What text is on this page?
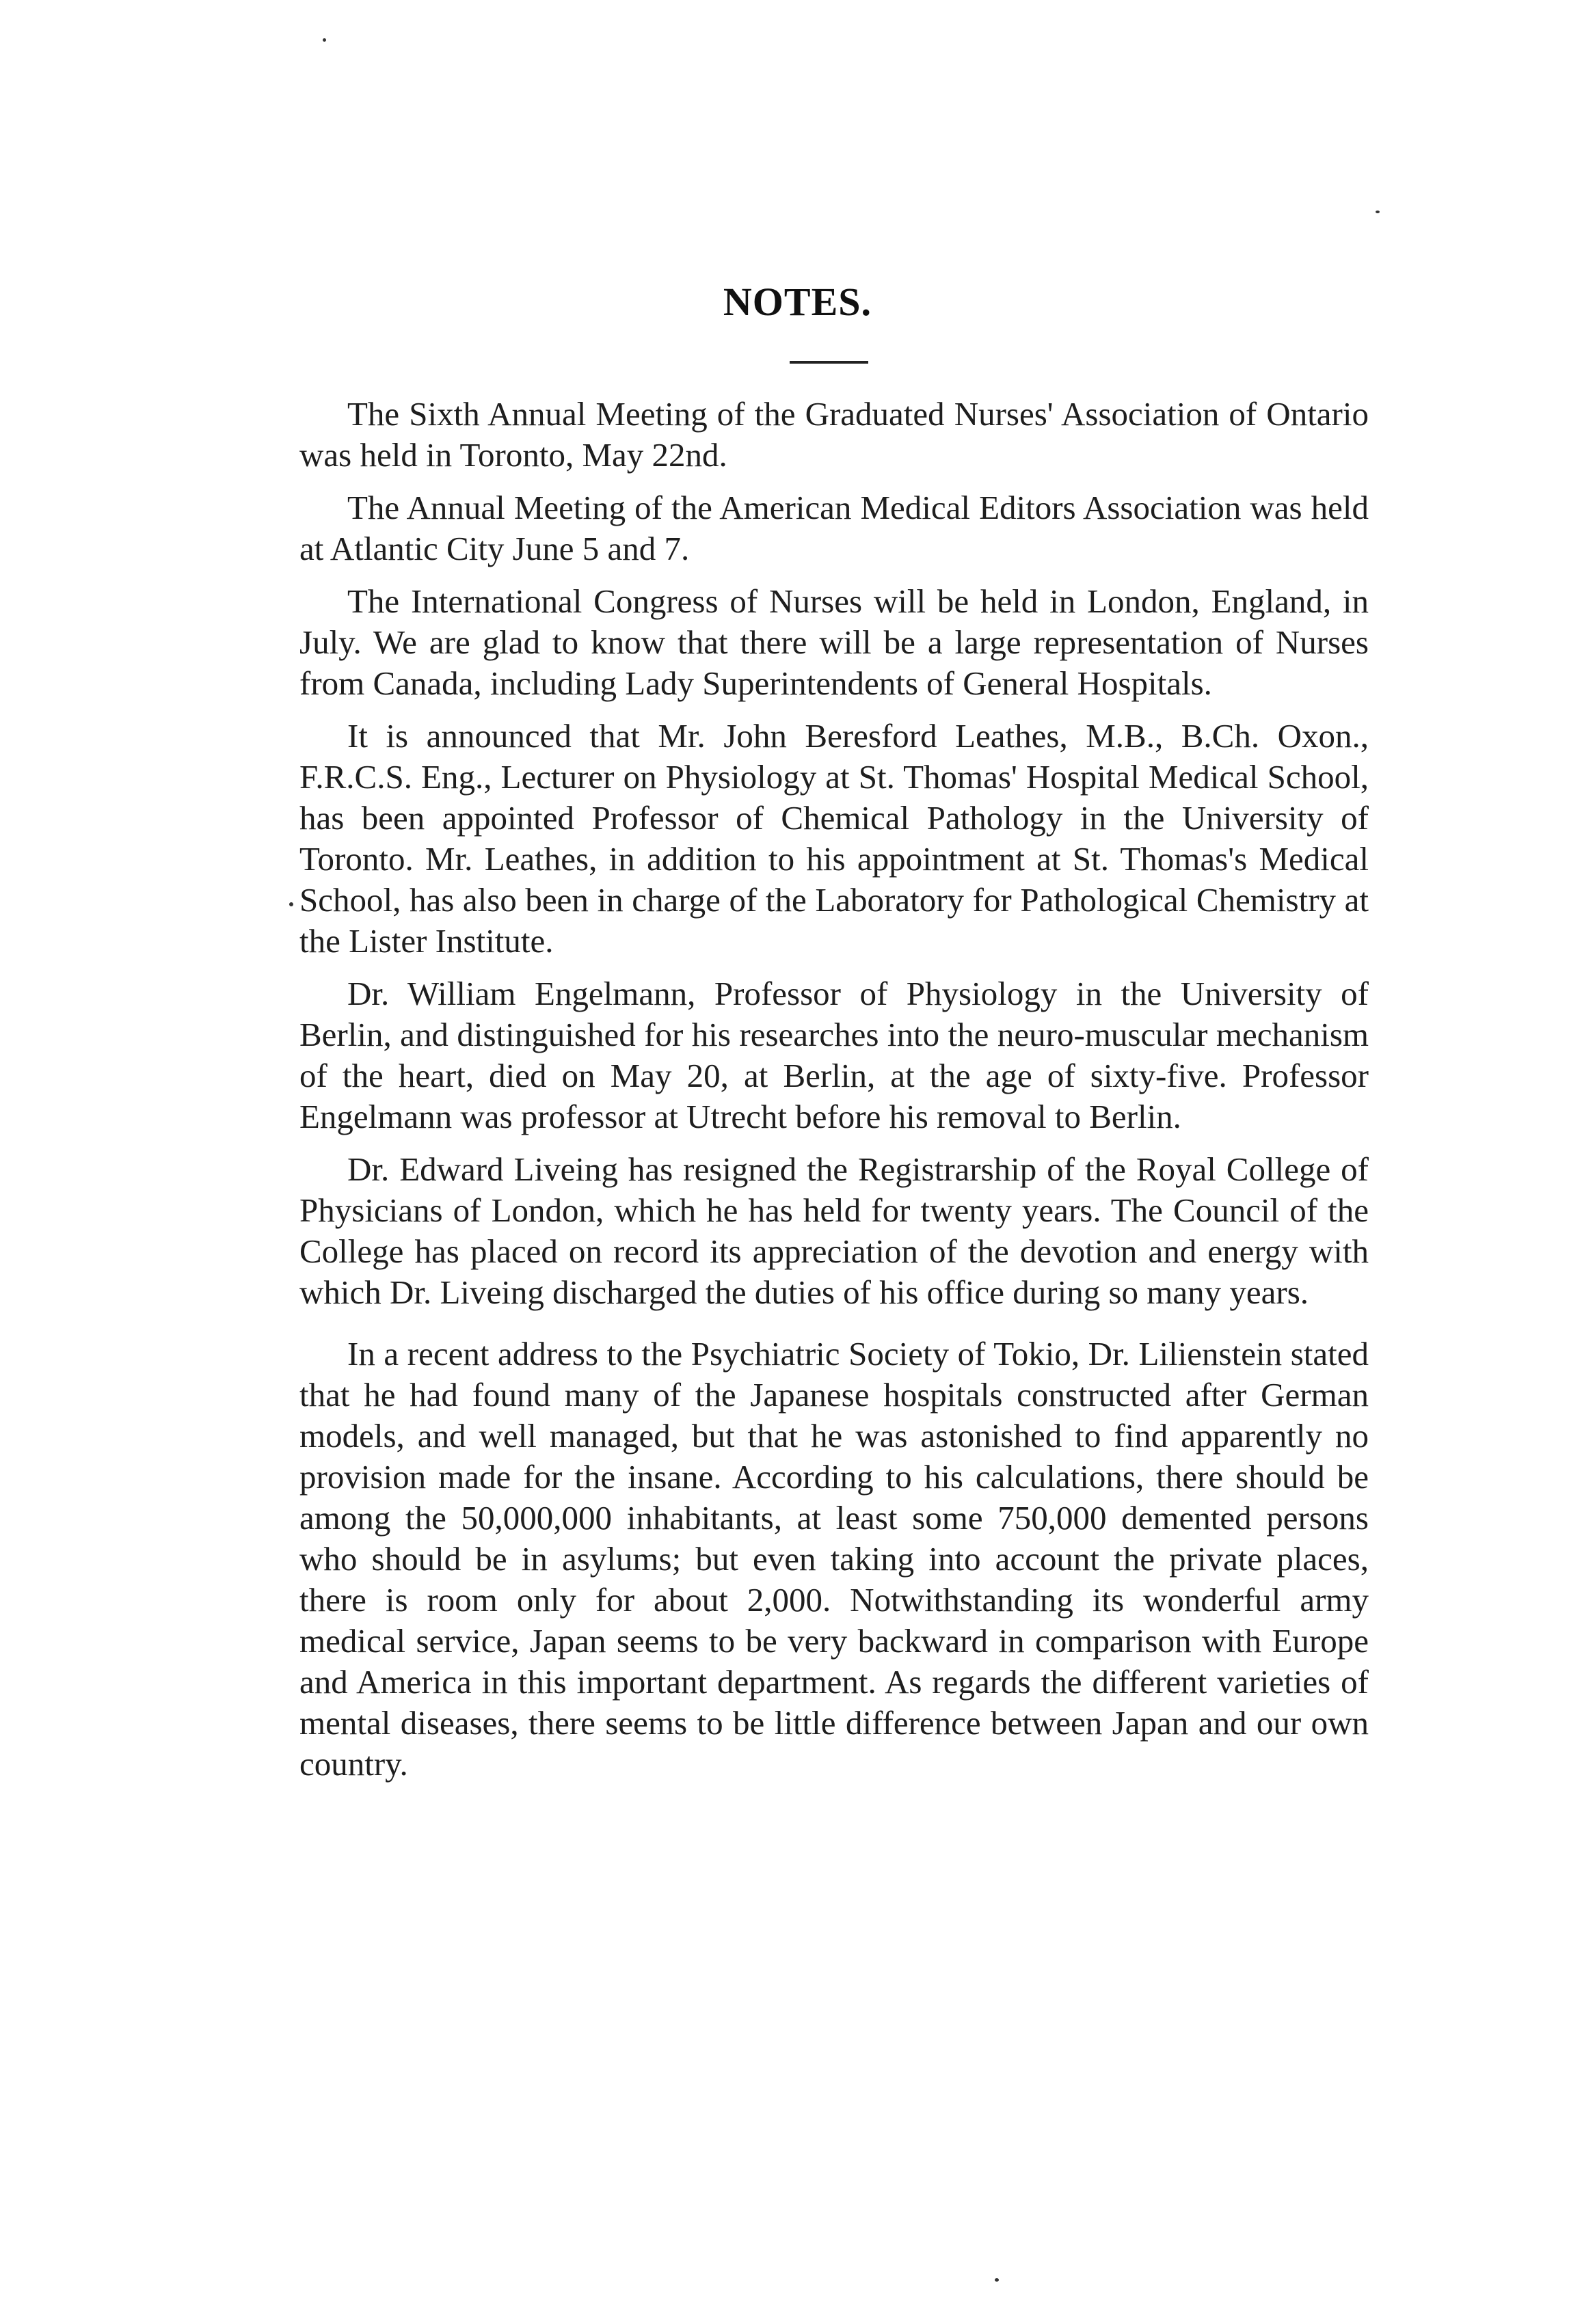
NOTES.

The Sixth Annual Meeting of the Graduated Nurses' Association of Ontario was held in Toronto, May 22nd.

The Annual Meeting of the American Medical Editors Association was held at Atlantic City June 5 and 7.

The International Congress of Nurses will be held in London, England, in July. We are glad to know that there will be a large representation of Nurses from Canada, including Lady Superintendents of General Hospitals.

It is announced that Mr. John Beresford Leathes, M.B., B.Ch. Oxon., F.R.C.S. Eng., Lecturer on Physiology at St. Thomas' Hospital Medical School, has been appointed Professor of Chemical Pathology in the University of Toronto. Mr. Leathes, in addition to his appointment at St. Thomas's Medical School, has also been in charge of the Laboratory for Pathological Chemistry at the Lister Institute.

Dr. William Engelmann, Professor of Physiology in the University of Berlin, and distinguished for his researches into the neuro-muscular mechanism of the heart, died on May 20, at Berlin, at the age of sixty-five. Professor Engelmann was professor at Utrecht before his removal to Berlin.

Dr. Edward Liveing has resigned the Registrarship of the Royal College of Physicians of London, which he has held for twenty years. The Council of the College has placed on record its appreciation of the devotion and energy with which Dr. Liveing discharged the duties of his office during so many years.

In a recent address to the Psychiatric Society of Tokio, Dr. Lilienstein stated that he had found many of the Japanese hospitals constructed after German models, and well managed, but that he was astonished to find apparently no provision made for the insane. According to his calculations, there should be among the 50,000,000 inhabitants, at least some 750,000 demented persons who should be in asylums; but even taking into account the private places, there is room only for about 2,000. Notwithstanding its wonderful army medical service, Japan seems to be very backward in comparison with Europe and America in this important department. As regards the different varieties of mental diseases, there seems to be little difference between Japan and our own country.
